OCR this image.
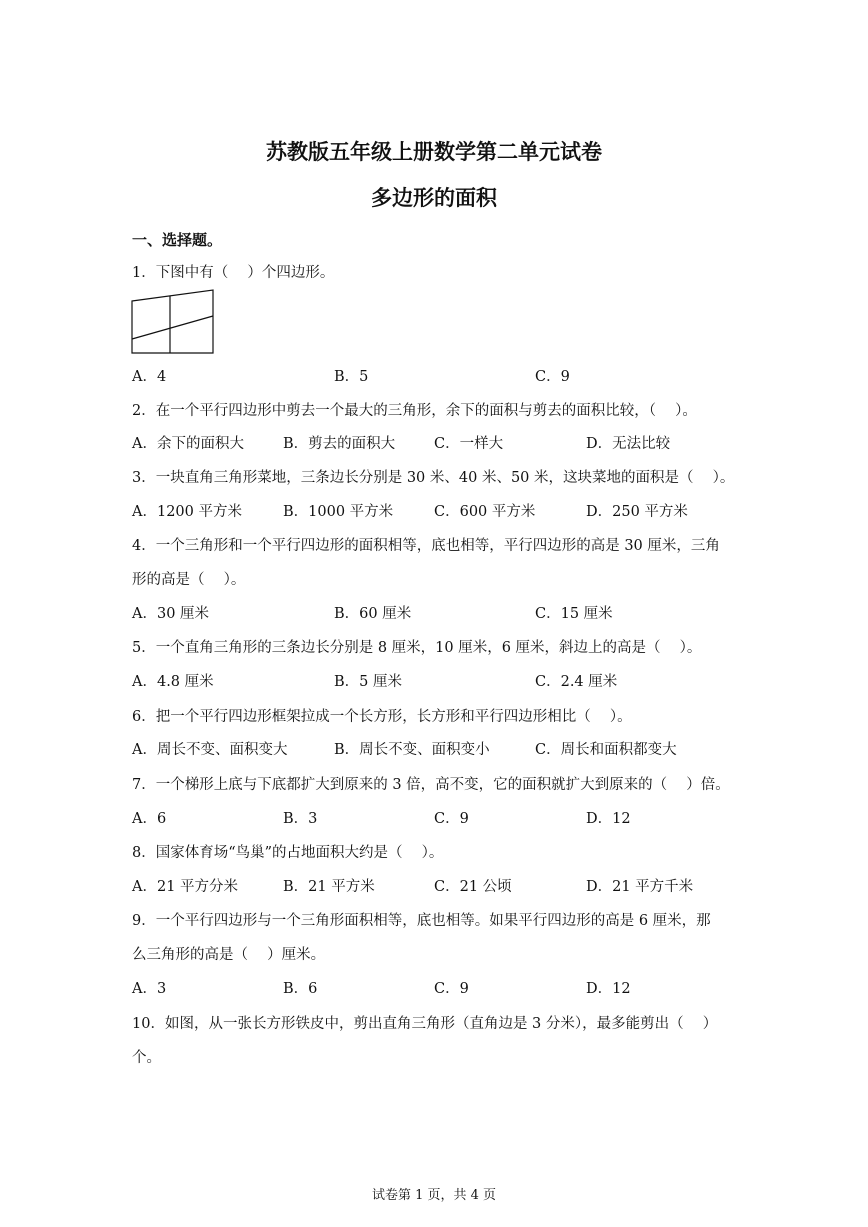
苏教版五年级上册数学第二单元试卷
多边形的面积
一、选择题。
1．下图中有（　 ）个四边形。
A．4	B．5	C．9
2．在一个平行四边形中剪去一个最大的三角形，余下的面积与剪去的面积比较，（　 ）。
A．余下的面积大	B．剪去的面积大	C．一样大	D．无法比较
3．一块直角三角形菜地，三条边长分别是 30 米、40 米、50 米，这块菜地的面积是（　 ）。
A．1200 平方米	B．1000 平方米	C．600 平方米	D．250 平方米
4．一个三角形和一个平行四边形的面积相等，底也相等，平行四边形的高是 30 厘米，三角
形的高是（　 ）。
A．30 厘米	B．60 厘米	C．15 厘米
5．一个直角三角形的三条边长分别是 8 厘米，10 厘米，6 厘米，斜边上的高是（　 ）。
A．4.8 厘米	B．5 厘米	C．2.4 厘米
6．把一个平行四边形框架拉成一个长方形，长方形和平行四边形相比（　 ）。
A．周长不变、面积变大	B．周长不变、面积变小	C．周长和面积都变大
7．一个梯形上底与下底都扩大到原来的 3 倍，高不变，它的面积就扩大到原来的（　 ）倍。
A．6	B．3	C．9	D．12
8．国家体育场“鸟巢”的占地面积大约是（　 ）。
A．21 平方分米	B．21 平方米	C．21 公顷	D．21 平方千米
9．一个平行四边形与一个三角形面积相等，底也相等。如果平行四边形的高是 6 厘米，那
么三角形的高是（　 ）厘米。
A．3	B．6	C．9	D．12
10．如图，从一张长方形铁皮中，剪出直角三角形（直角边是 3 分米），最多能剪出（　 ）
个。
试卷第 1 页，共 4 页
